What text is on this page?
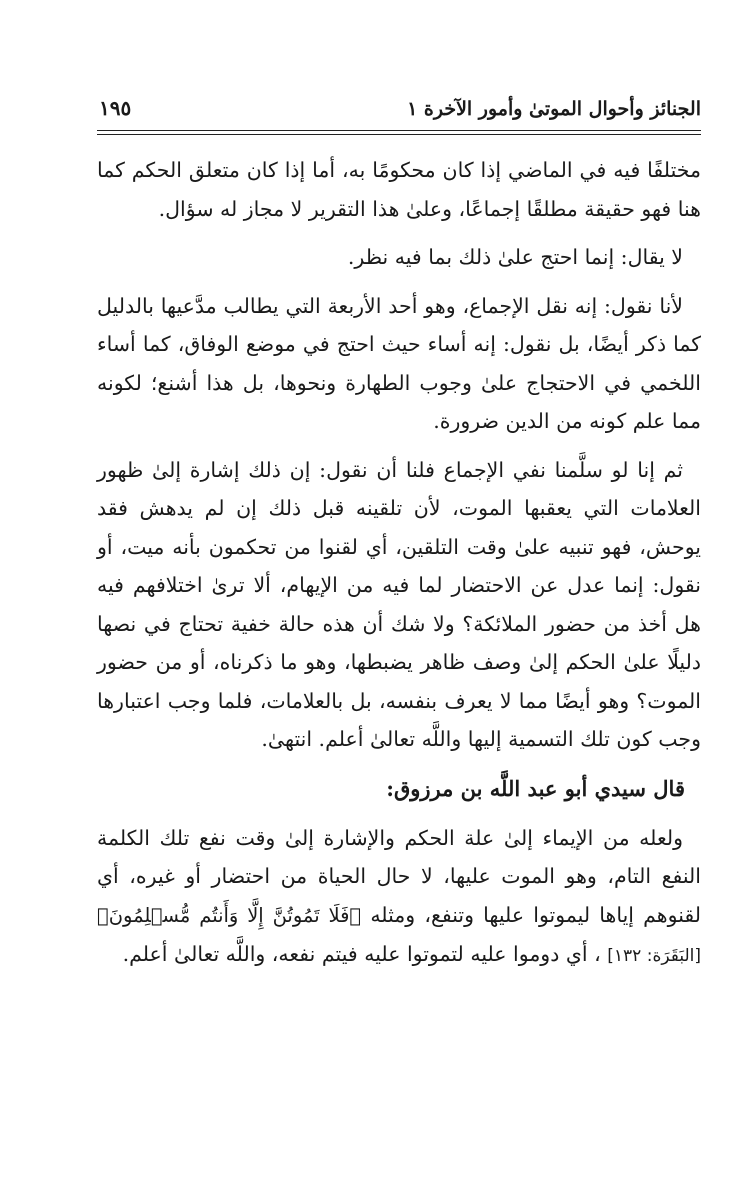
الجنائز وأحوال الموتىٰ وأمور الآخرة ١
١٩٥

مختلفًا فيه في الماضي إذا كان محكومًا به، أما إذا كان متعلق الحكم كما هنا فهو حقيقة مطلقًا إجماعًا، وعلىٰ هذا التقرير لا مجاز له سؤال.

لا يقال: إنما احتج علىٰ ذلك بما فيه نظر.

لأنا نقول: إنه نقل الإجماع، وهو أحد الأربعة التي يطالب مدَّعيها بالدليل كما ذكر أيضًا، بل نقول: إنه أساء حيث احتج في موضع الوفاق، كما أساء اللخمي في الاحتجاج علىٰ وجوب الطهارة ونحوها، بل هذا أشنع؛ لكونه مما علم كونه من الدين ضرورة.

ثم إنا لو سلَّمنا نفي الإجماع فلنا أن نقول: إن ذلك إشارة إلىٰ ظهور العلامات التي يعقبها الموت، لأن تلقينه قبل ذلك إن لم يدهش فقد يوحش، فهو تنبيه علىٰ وقت التلقين، أي لقنوا من تحكمون بأنه ميت، أو نقول: إنما عدل عن الاحتضار لما فيه من الإيهام، ألا ترىٰ اختلافهم فيه هل أخذ من حضور الملائكة؟ ولا شك أن هذه حالة خفية تحتاج في نصها دليلًا علىٰ الحكم إلىٰ وصف ظاهر يضبطها، وهو ما ذكرناه، أو من حضور الموت؟ وهو أيضًا مما لا يعرف بنفسه، بل بالعلامات، فلما وجب اعتبارها وجب كون تلك التسمية إليها واللَّه تعالىٰ أعلم. انتهىٰ.

قال سيدي أبو عبد اللَّه بن مرزوق:

ولعله من الإيماء إلىٰ علة الحكم والإشارة إلىٰ وقت نفع تلك الكلمة النفع التام، وهو الموت عليها، لا حال الحياة من احتضار أو غيره، أي لقنوهم إياها ليموتوا عليها وتنفع، ومثله ﴿فَلَا تَمُوتُنَّ إِلَّا وَأَنتُم مُّسۡلِمُونَ﴾ [البَقَرَة: ١٣٢] ، أي دوموا عليه لتموتوا عليه فيتم نفعه، واللَّه تعالىٰ أعلم.
